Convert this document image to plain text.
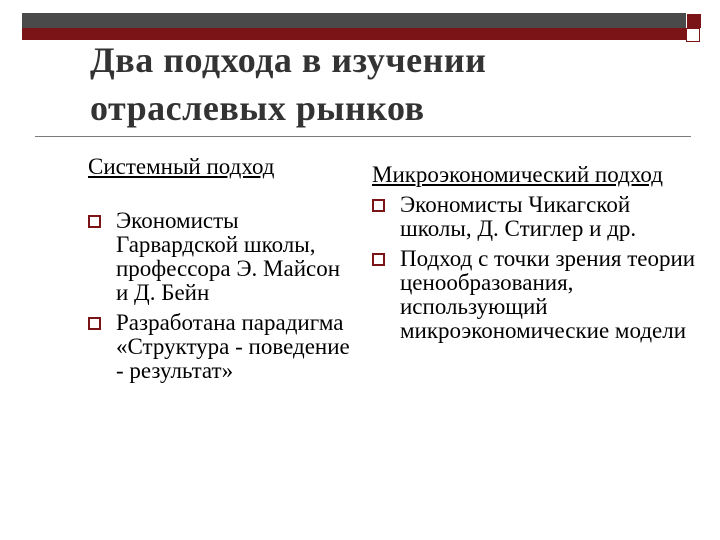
Два подхода в изучении отраслевых рынков

Системный подход

Экономисты Гарвардской школы, профессора Э. Майсон и Д. Бейн
Разработана парадигма «Структура - поведение - результат»

Микроэкономический подход

Экономисты Чикагской школы, Д. Стиглер и др.
Подход с точки зрения теории ценообразования, использующий микроэкономические модели
